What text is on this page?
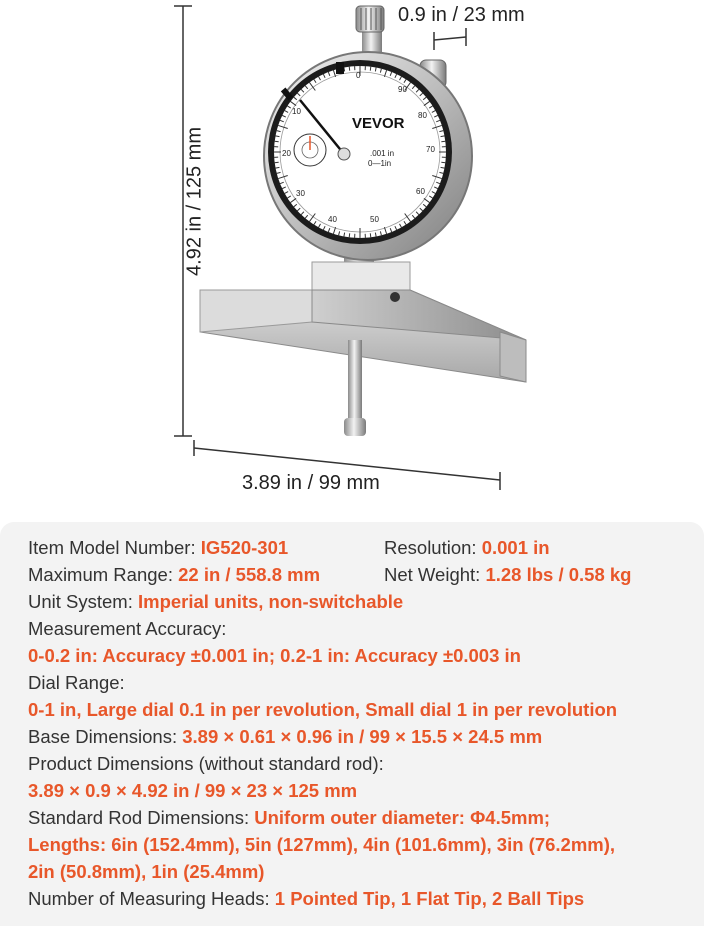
VEVOR
.001 in
0—1in
0
90
80
70
60
50
40
30
20
10
0.9 in / 23 mm
4.92 in / 125 mm
3.89 in / 99 mm
Item Model Number: IG520-301	Resolution: 0.001 in
Maximum Range: 22 in / 558.8 mm	Net Weight: 1.28 lbs / 0.58 kg
Unit System: Imperial units, non-switchable
Measurement Accuracy:
0-0.2 in: Accuracy ±0.001 in; 0.2-1 in: Accuracy ±0.003 in
Dial Range:
0-1 in, Large dial 0.1 in per revolution, Small dial 1 in per revolution
Base Dimensions: 3.89 × 0.61 × 0.96 in / 99 × 15.5 × 24.5 mm
Product Dimensions (without standard rod):
3.89 × 0.9 × 4.92 in / 99 × 23 × 125 mm
Standard Rod Dimensions: Uniform outer diameter: Φ4.5mm;
Lengths: 6in (152.4mm), 5in (127mm), 4in (101.6mm), 3in (76.2mm),
2in (50.8mm), 1in (25.4mm)
Number of Measuring Heads: 1 Pointed Tip, 1 Flat Tip, 2 Ball Tips
